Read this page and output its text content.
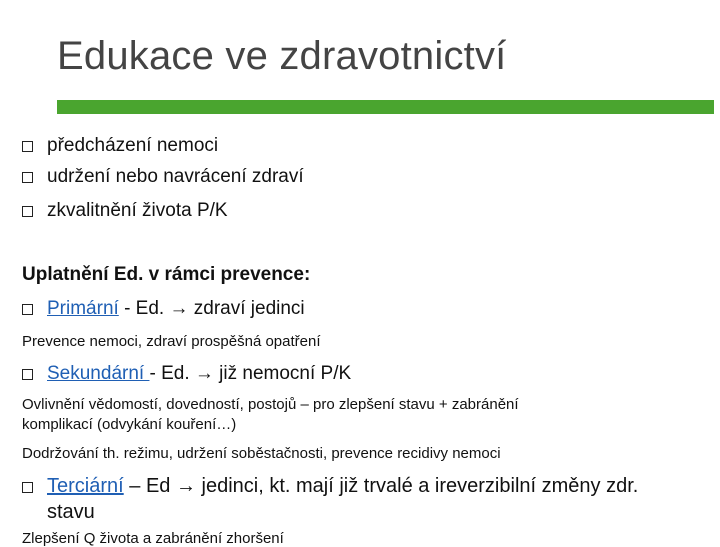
Edukace ve zdravotnictví
předcházení nemoci
udržení nebo navrácení zdraví
zkvalitnění života P/K
Uplatnění Ed. v rámci prevence:
Primární - Ed. → zdraví jedinci
Prevence nemoci, zdraví prospěšná opatření
Sekundární - Ed. → již nemocní P/K
Ovlivnění vědomostí, dovedností, postojů – pro zlepšení stavu + zabránění
komplikací (odvykání kouření…)
Dodržování th. režimu, udržení soběstačnosti, prevence recidivy nemoci
Terciární – Ed → jedinci, kt. mají již trvalé a ireverzibilní změny zdr.
stavu
Zlepšení Q života a zabránění zhoršení
